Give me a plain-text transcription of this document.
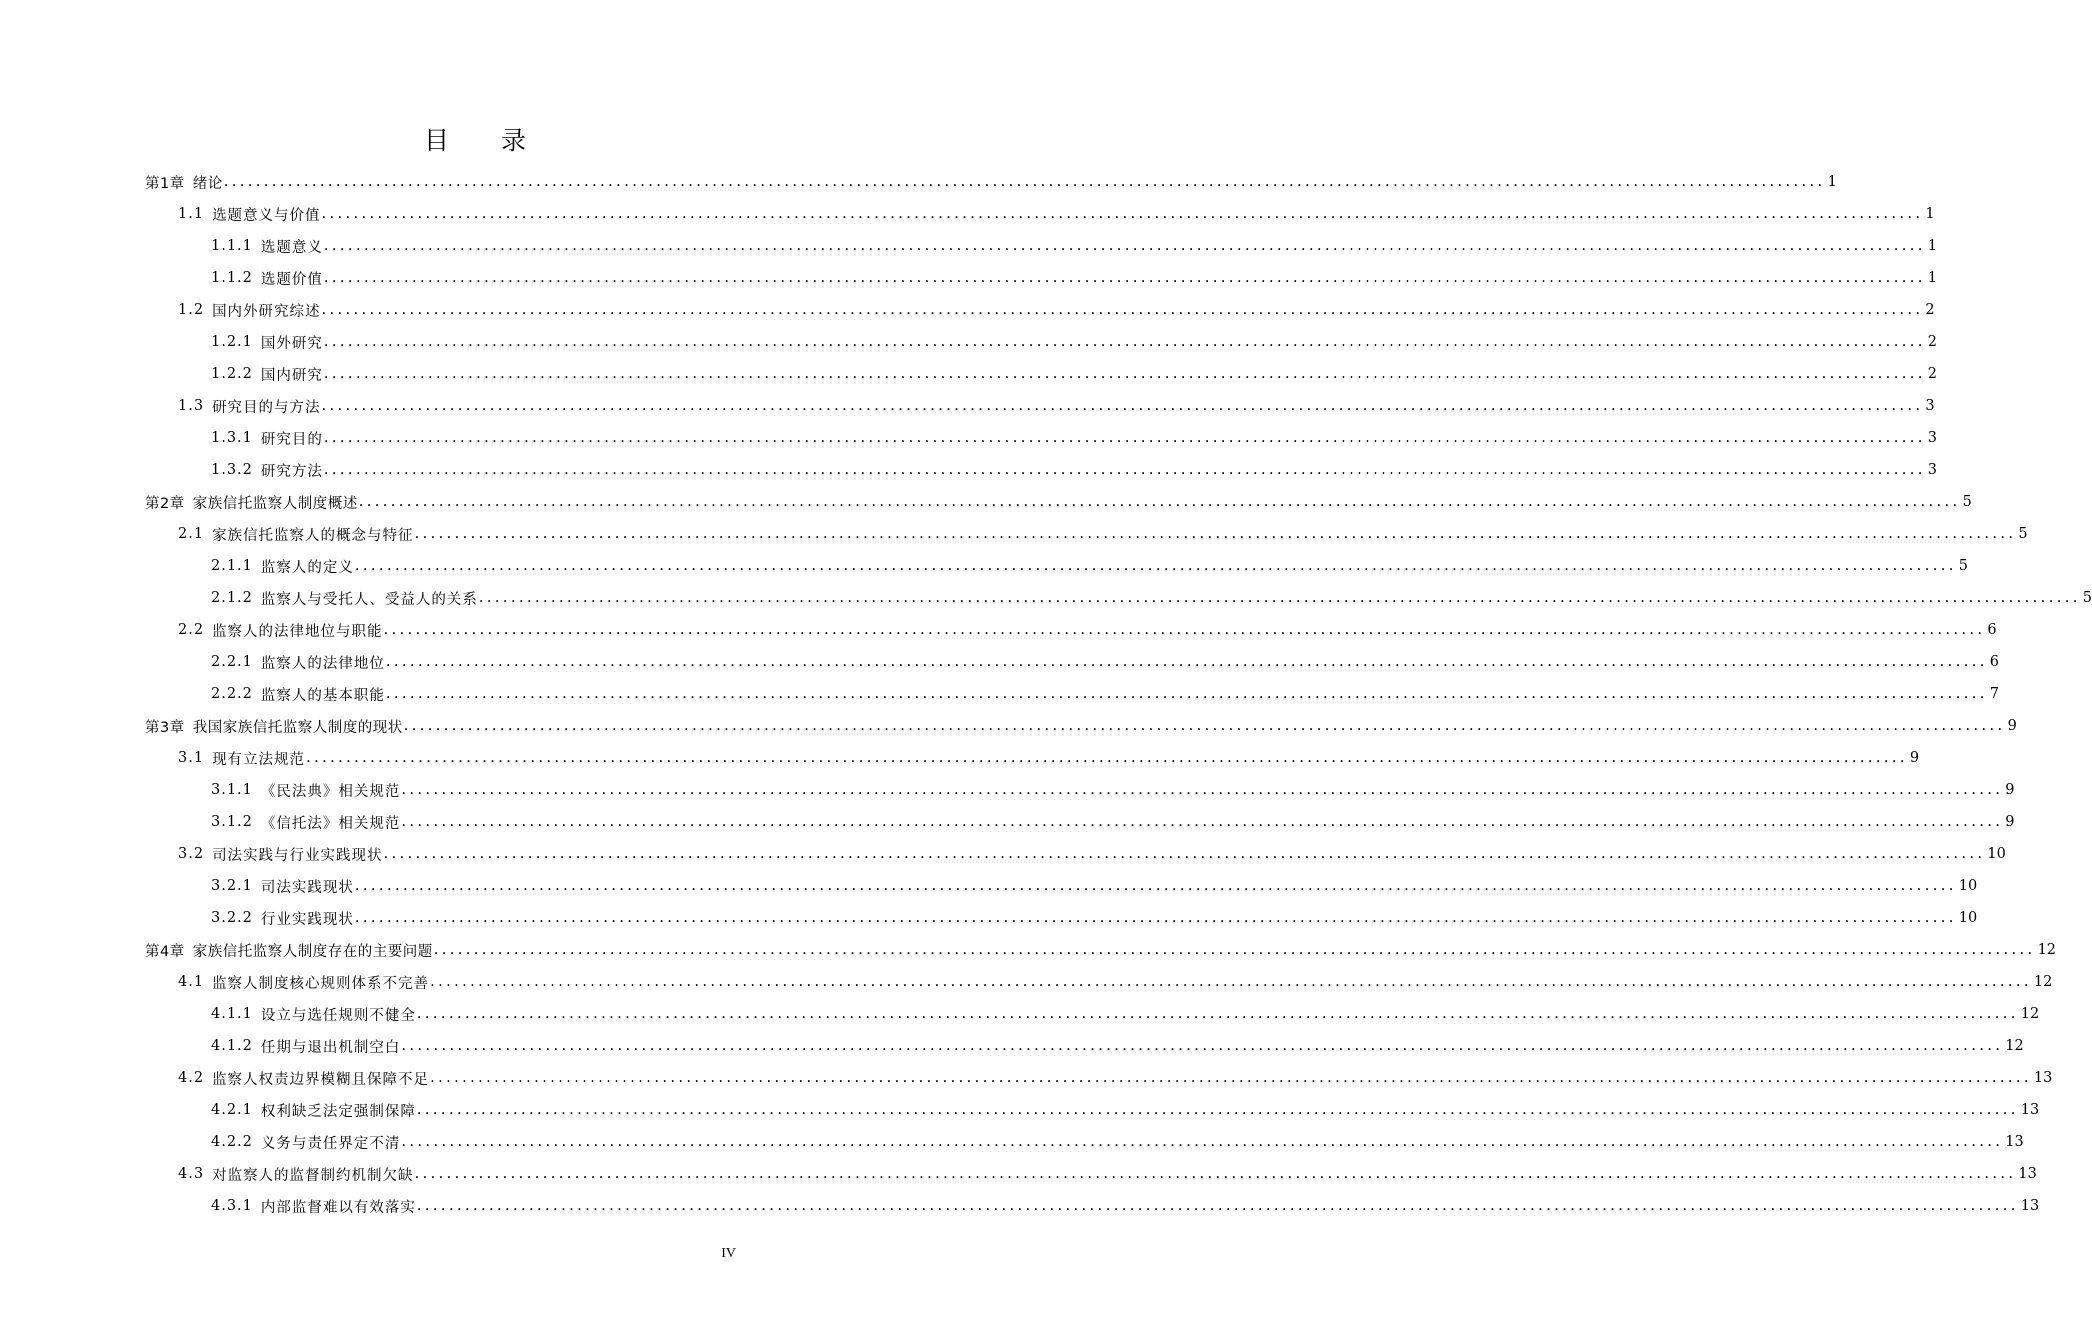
目 录
第1章 绪论 ........................................................................................................................................................................................................ 1
1.1 选题意义与价值 ........................................................................................................................................................................................................ 1
1.1.1 选题意义 ........................................................................................................................................................................................................ 1
1.1.2 选题价值 ........................................................................................................................................................................................................ 1
1.2 国内外研究综述 ........................................................................................................................................................................................................ 2
1.2.1 国外研究 ........................................................................................................................................................................................................ 2
1.2.2 国内研究 ........................................................................................................................................................................................................ 2
1.3 研究目的与方法 ........................................................................................................................................................................................................ 3
1.3.1 研究目的 ........................................................................................................................................................................................................ 3
1.3.2 研究方法 ........................................................................................................................................................................................................ 3
第2章 家族信托监察人制度概述 ........................................................................................................................................................................................................ 5
2.1 家族信托监察人的概念与特征 ........................................................................................................................................................................................................ 5
2.1.1 监察人的定义 ........................................................................................................................................................................................................ 5
2.1.2 监察人与受托人、受益人的关系 ........................................................................................................................................................................................................ 5
2.2 监察人的法律地位与职能 ........................................................................................................................................................................................................ 6
2.2.1 监察人的法律地位 ........................................................................................................................................................................................................ 6
2.2.2 监察人的基本职能 ........................................................................................................................................................................................................ 7
第3章 我国家族信托监察人制度的现状 ........................................................................................................................................................................................................ 9
3.1 现有立法规范 ........................................................................................................................................................................................................ 9
3.1.1 《民法典》相关规范 ........................................................................................................................................................................................................ 9
3.1.2 《信托法》相关规范 ........................................................................................................................................................................................................ 9
3.2 司法实践与行业实践现状 ........................................................................................................................................................................................................ 10
3.2.1 司法实践现状 ........................................................................................................................................................................................................ 10
3.2.2 行业实践现状 ........................................................................................................................................................................................................ 10
第4章 家族信托监察人制度存在的主要问题 ........................................................................................................................................................................................................ 12
4.1 监察人制度核心规则体系不完善 ........................................................................................................................................................................................................ 12
4.1.1 设立与选任规则不健全 ........................................................................................................................................................................................................ 12
4.1.2 任期与退出机制空白 ........................................................................................................................................................................................................ 12
4.2 监察人权责边界模糊且保障不足 ........................................................................................................................................................................................................ 13
4.2.1 权利缺乏法定强制保障 ........................................................................................................................................................................................................ 13
4.2.2 义务与责任界定不清 ........................................................................................................................................................................................................ 13
4.3 对监察人的监督制约机制欠缺 ........................................................................................................................................................................................................ 13
4.3.1 内部监督难以有效落实 ........................................................................................................................................................................................................ 13
IV
